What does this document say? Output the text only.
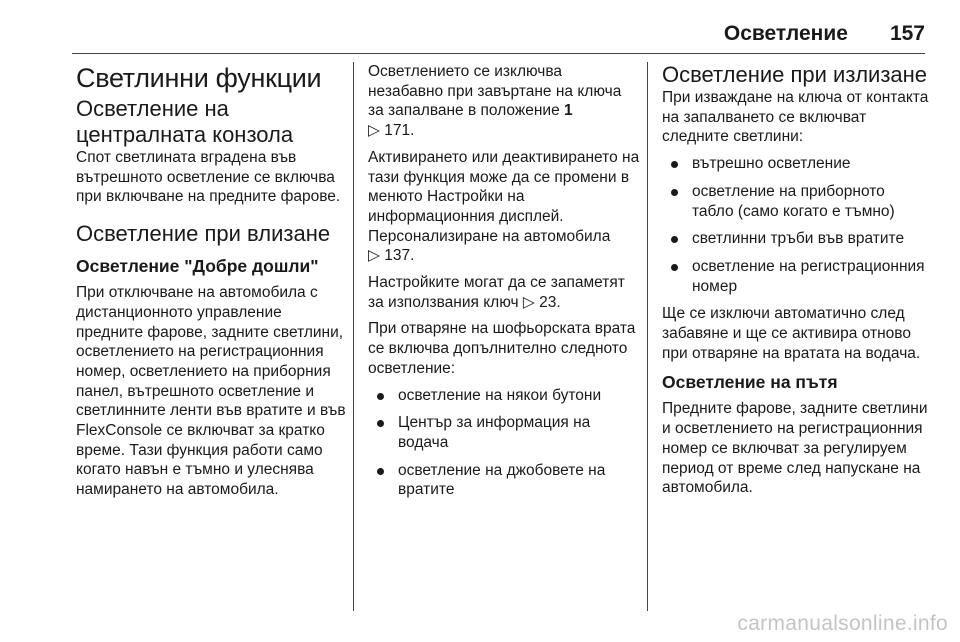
Осветление 157
Светлинни функции
Осветление на
централната конзола

Спот светлината вградена във вътрешното осветление се включва при включване на предните фарове.

Осветление при влизане
Осветление "Добре дошли"

При отключване на автомобила с дистанционното управление предните фарове, задните светлини, осветлението на регистрационния номер, осветлението на приборния панел, вътрешното осветление и светлинните ленти във вратите и във FlexConsole се включват за кратко време. Тази функция работи само когато навън е тъмно и улеснява намирането на автомобила.

Осветлението се изключва незабавно при завъртане на ключа за запалване в положение 1
▷ 171.

Активирането или деактивирането на тази функция може да се промени в менюто Настройки на информационния дисплей. Персонализиране на автомобила
▷ 137.

Настройките могат да се запаметят за използвания ключ ▷ 23.

При отваряне на шофьорската врата се включва допълнително следното осветление:

осветление на някои бутони
Център за информация на водача
осветление на джобовете на вратите
Осветление при излизане

При изваждане на ключа от контакта на запалването се включват следните светлини:

вътрешно осветление
осветление на приборното табло (само когато е тъмно)
светлинни тръби във вратите
осветление на регистрационния номер

Ще се изключи автоматично след забавяне и ще се активира отново при отваряне на вратата на водача.

Осветление на пътя

Предните фарове, задните светлини и осветлението на регистрационния номер се включват за регулируем период от време след напускане на автомобила.

carmanualsonline.info
